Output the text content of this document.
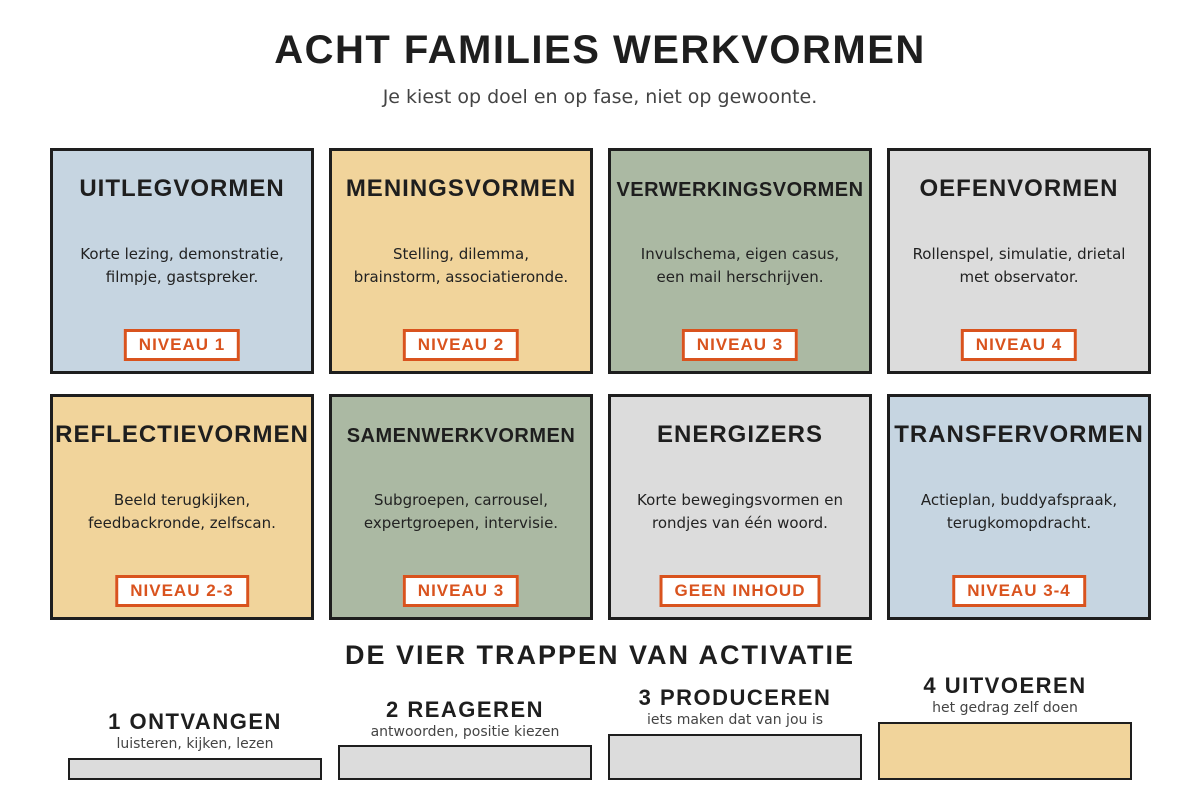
ACHT FAMILIES WERKVORMEN
Je kiest op doel en op fase, niet op gewoonte.
UITLEGVORMEN
Korte lezing, demonstratie, filmpje, gastspreker.
NIVEAU 1
MENINGSVORMEN
Stelling, dilemma, brainstorm, associatieronde.
NIVEAU 2
VERWERKINGSVORMEN
Invulschema, eigen casus, een mail herschrijven.
NIVEAU 3
OEFENVORMEN
Rollenspel, simulatie, drietal met observator.
NIVEAU 4
REFLECTIEVORMEN
Beeld terugkijken, feedbackronde, zelfscan.
NIVEAU 2-3
SAMENWERKVORMEN
Subgroepen, carrousel, expertgroepen, intervisie.
NIVEAU 3
ENERGIZERS
Korte bewegingsvormen en rondjes van één woord.
GEEN INHOUD
TRANSFERVORMEN
Actieplan, buddyafspraak, terugkomopdracht.
NIVEAU 3-4
DE VIER TRAPPEN VAN ACTIVATIE
1 ONTVANGEN
luisteren, kijken, lezen
2 REAGEREN
antwoorden, positie kiezen
3 PRODUCEREN
iets maken dat van jou is
4 UITVOEREN
het gedrag zelf doen
